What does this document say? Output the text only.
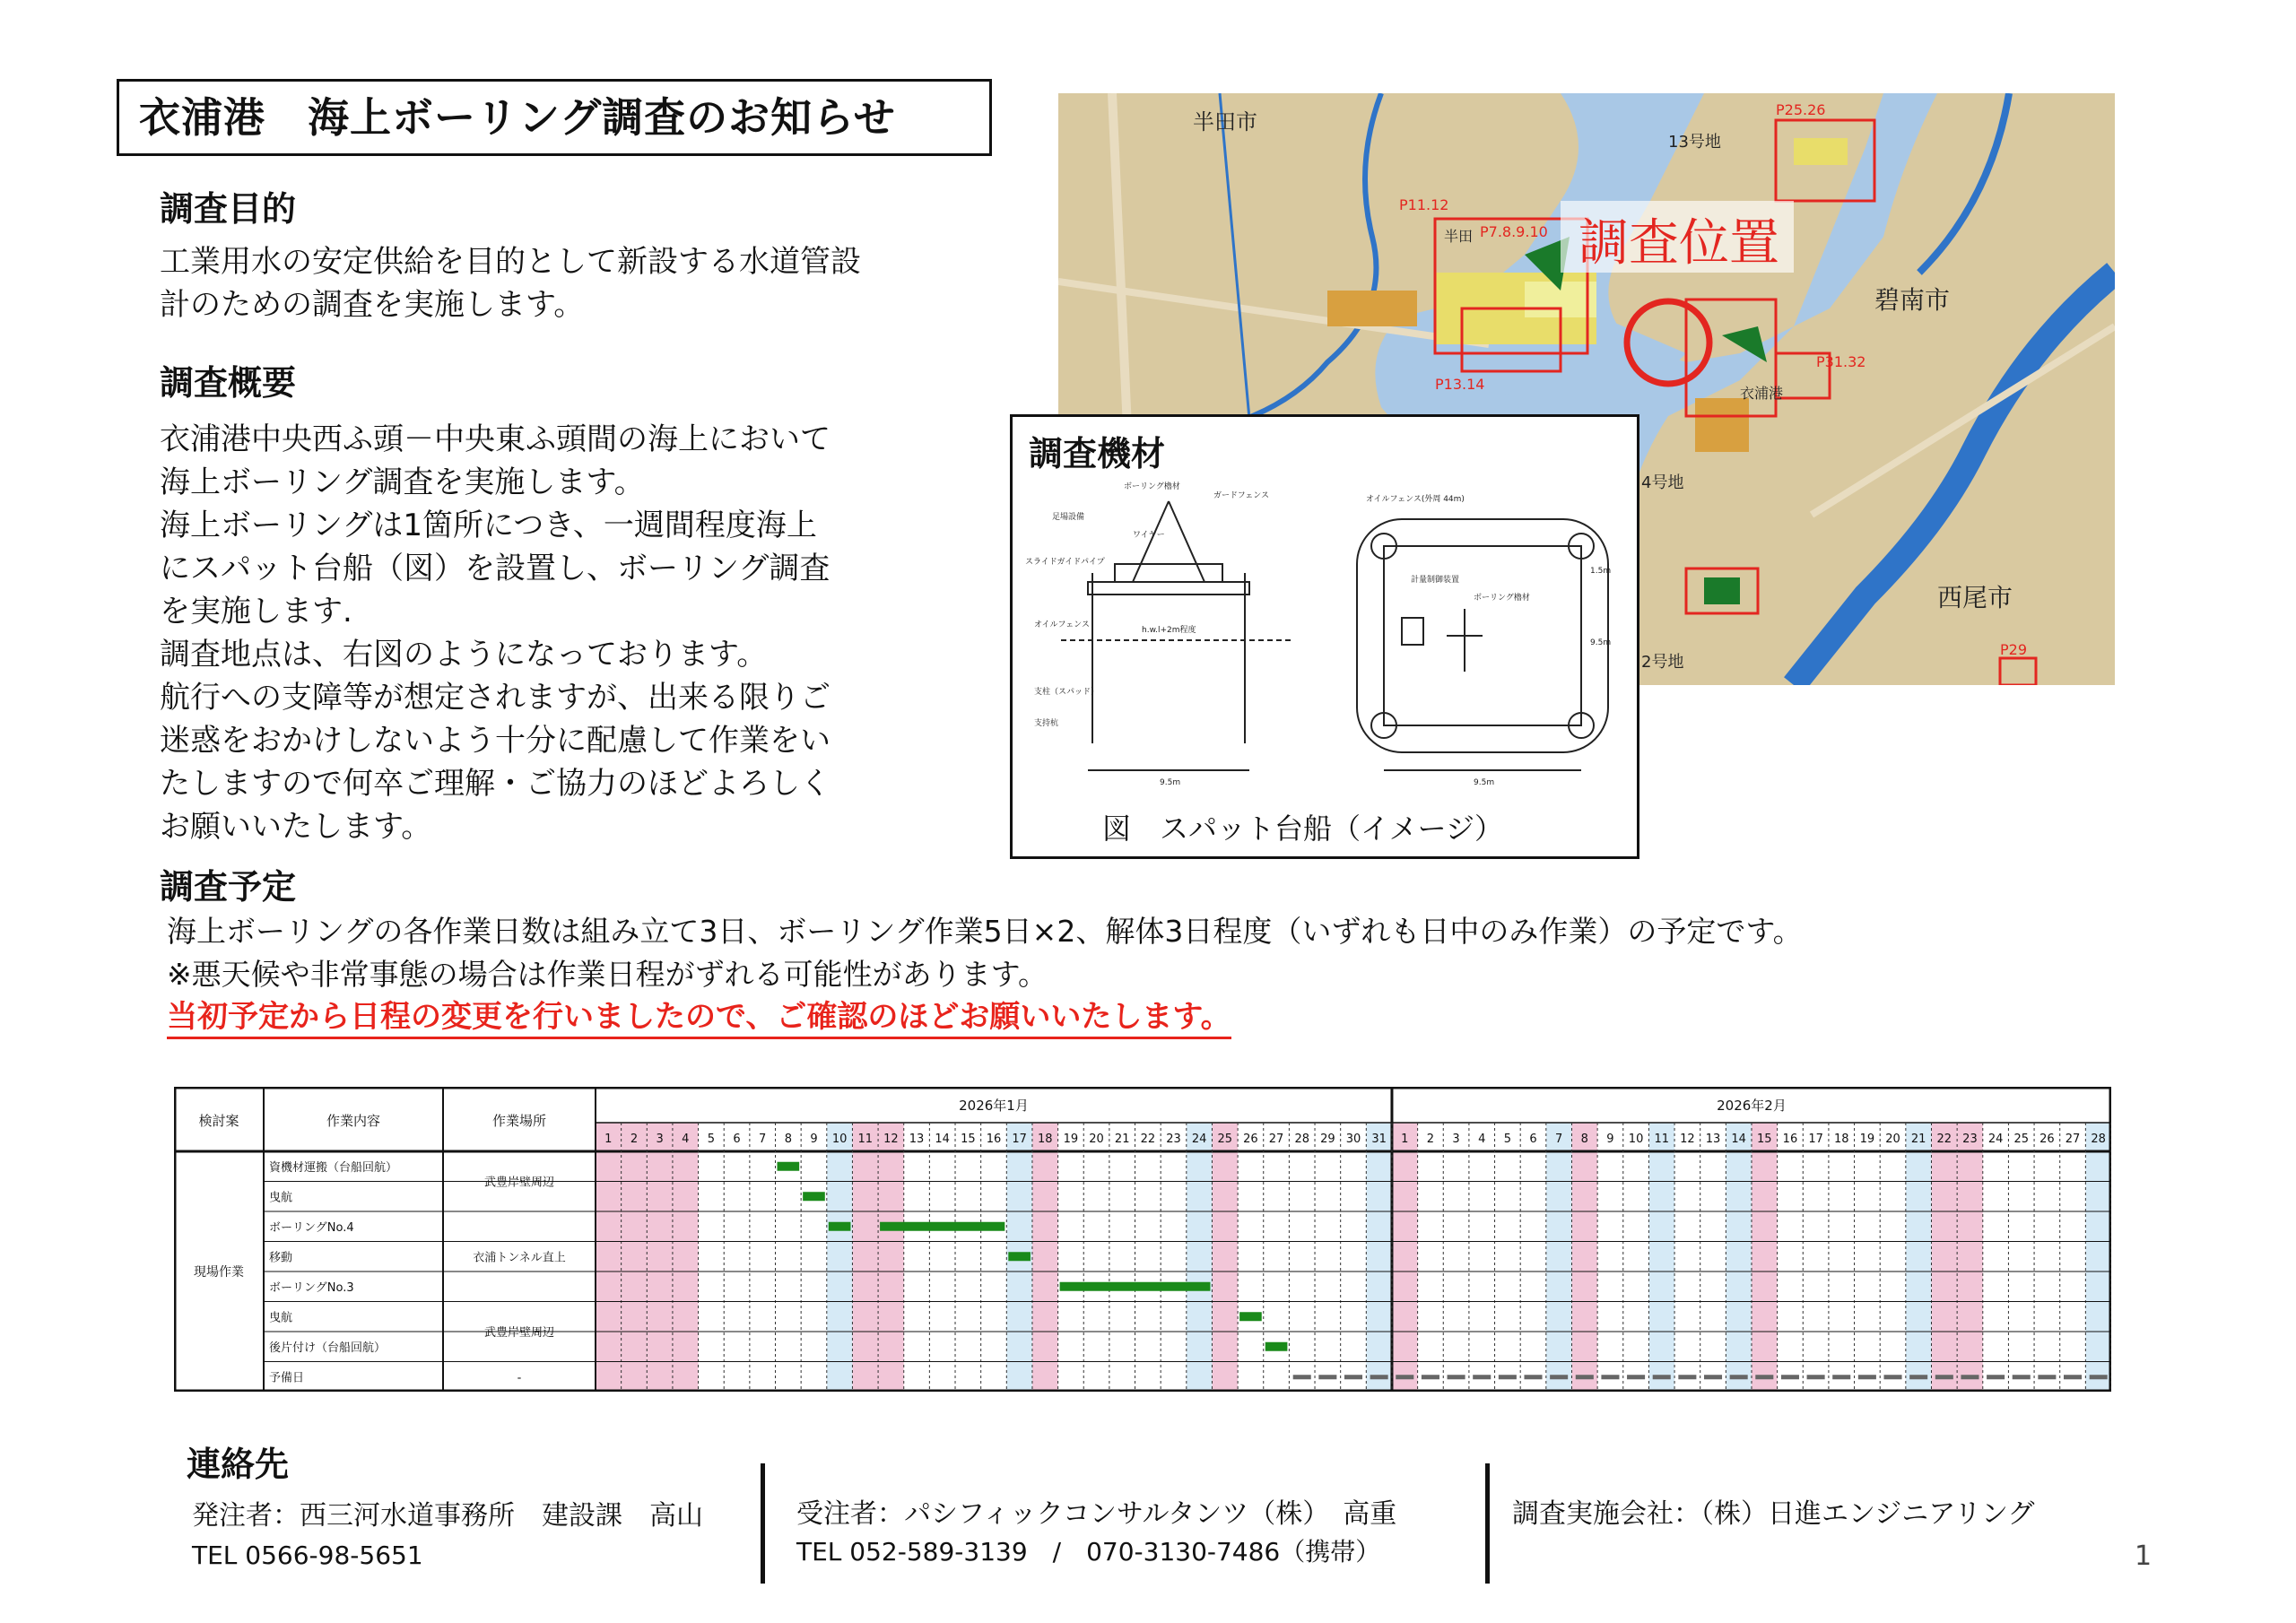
衣浦港　海上ボーリング調査のお知らせ
調査目的

工業用水の安定供給を目的として新設する水道管設

計のための調査を実施します。

調査概要

衣浦港中央西ふ頭－中央東ふ頭間の海上において

海上ボーリング調査を実施します。

海上ボーリングは1箇所につき、一週間程度海上

にスパット台船（図）を設置し、ボーリング調査

を実施します.

調査地点は、右図のようになっております。

航行への支障等が想定されますが、出来る限りご

迷惑をおかけしないよう十分に配慮して作業をい

たしますので何卒ご理解・ご協力のほどよろしく

お願いいたします。

調査位置
半田市
碧南市
西尾市
半田
13号地
4号地
2号地
衣浦港
P25.26
P11.12
P7.8.9.10
P13.14
P31.32
P29
調査機材
ボーリング櫓材
足場設備
ワイヤー
スライドガイドパイプ
オイルフェンス
支柱（スパッド）
支持杭
ガードフェンス
h.w.l+2m程度
9.5m
オイルフェンス(外周 44m)
計量制御装置
ボーリング櫓材
1.5m
9.5m
9.5m
図　スパット台船（イメージ）
調査予定
海上ボーリングの各作業日数は組み立て3日、ボーリング作業5日×2、解体3日程度（いずれも日中のみ作業）の予定です。
※悪天候や非常事態の場合は作業日程がずれる可能性があります。
当初予定から日程の変更を行いましたので、ご確認のほどお願いいたします。
検討案	作業内容	作業場所
2026年1月
1 2 3 4 5 6 7 8 9 10 11 12 13 14 15 16 17 18 19 20 21 22 23 24 25 26 27 28 29 30 31
2026年2月
1 2 3 4 5 6 7 8 9 10 11 12 13 14 15 16 17 18 19 20 21 22 23 24 25 26 27 28
資機材運搬（台船回航）
曳航
ボーリングNo.4
移動
ボーリングNo.3
曳航
後片付け（台船回航）
予備日
武豊岸壁周辺
衣浦トンネル直上
武豊岸壁周辺
-
現場作業
連絡先
発注者：西三河水道事務所　建設課　高山
TEL 0566-98-5651
受注者：パシフィックコンサルタンツ（株）　高重
TEL 052-589-3139　/　070-3130-7486（携帯）
調査実施会社：（株）日進エンジニアリング
1
